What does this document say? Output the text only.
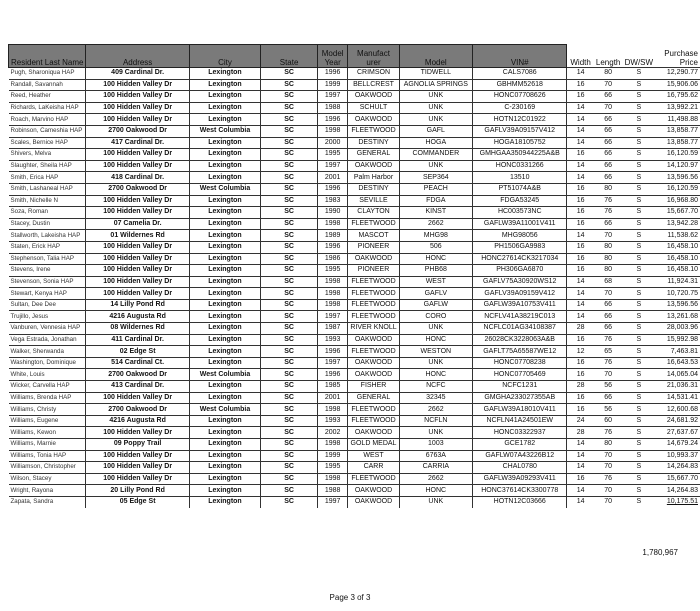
Resident Last Name	Address	City	State	Model Year	Manufact urer	Model	VIN#	Width	Length	DW/SW	Purchase Price
Pugh, Sharoniqua HAP	409 Cardinal Dr.	Lexington	SC	1996	CRIMSON	TIDWELL	CALS7086	14	80	S	12,290.77
Randall, Savannah	100 Hidden Valley Dr	Lexington	SC	1999	BELLCREST	AGNOLIA SPRINGS	GBHMM52618	16	70	S	15,906.06
Reed, Heather	100 Hidden Valley Dr	Lexington	SC	1997	OAKWOOD	UNK	HONC07708626	16	66	S	16,795.62
Richards, LaKeisha HAP	100 Hidden Valley Dr	Lexington	SC	1988	SCHULT	UNK	C-230169	14	70	S	13,992.21
Roach, Marvino HAP	100 Hidden Valley Dr	Lexington	SC	1996	OAKWOOD	UNK	HOTN12C01922	14	66	S	11,498.88
Robinson, Cameshia HAP	2700 Oakwood Dr	West Columbia	SC	1998	FLEETWOOD	GAFL	GAFLV39A09157V412	14	66	S	13,858.77
Scales, Bernice HAP	417 Cardinal Dr.	Lexington	SC	2000	DESTINY	HOGA	HOGA18105752	14	66	S	13,858.77
Shivers, Melva	100 Hidden Valley Dr	Lexington	SC	1995	GENERAL	COMMANDER	GMHGAA350944225A&B	16	66	S	16,120.59
Slaughter, Sheila HAP	100 Hidden Valley Dr	Lexington	SC	1997	OAKWOOD	UNK	HONC0331266	14	66	S	14,120.97
Smith, Erica HAP	418 Cardinal Dr.	Lexington	SC	2001	Palm Harbor	SEP364	13510	14	66	S	13,596.56
Smith, Lashaneal HAP	2700 Oakwood Dr	West Columbia	SC	1996	DESTINY	PEACH	PT51074A&B	16	80	S	16,120.59
Smith, Nichelle N	100 Hidden Valley Dr	Lexington	SC	1983	SEVILLE	FDGA	FDGA53245	16	76	S	16,968.80
Soza, Roman	100 Hidden Valley Dr	Lexington	SC	1990	CLAYTON	KINST	HC003573NC	16	76	S	15,667.70
Stacey, Dustin	07 Camelia Dr.	Lexington	SC	1998	FLEETWOOD	2662	GAFLW39A11001V411	16	66	S	13,942.28
Stallworth, Lakeisha HAP	01 Wildernes Rd	Lexington	SC	1989	MASCOT	MHG98	MHG98056	14	70	S	11,538.62
Staten, Erick HAP	100 Hidden Valley Dr	Lexington	SC	1996	PIONEER	506	PH1506GA9983	16	80	S	16,458.10
Stephenson, Talia HAP	100 Hidden Valley Dr	Lexington	SC	1986	OAKWOOD	HONC	HONC27614CK3217034	16	80	S	16,458.10
Stevens, Irene	100 Hidden Valley Dr	Lexington	SC	1995	PIONEER	PHB68	PH306GA6870	16	80	S	16,458.10
Stevenson, Sonia HAP	100 Hidden Valley Dr	Lexington	SC	1998	FLEETWOOD	WEST	GAFLV75A30920WS12	14	68	S	11,924.31
Stewart, Kenya HAP	100 Hidden Valley Dr	Lexington	SC	1998	FLEETWOOD	GAFLV	GAFLV39A09159V412	14	70	S	10,720.75
Sultan, Dee Dee	14 Lilly Pond Rd	Lexington	SC	1998	FLEETWOOD	GAFLW	GAFLW39A10753V411	14	66	S	13,596.56
Trujillo, Jesus	4216 Augusta Rd	Lexington	SC	1997	FLEETWOOD	CORO	NCFLV41A38219C013	14	66	S	13,261.68
Vanburen, Vennesia HAP	08 Wildernes Rd	Lexington	SC	1987	RIVER KNOLL	UNK	NCFLC01AG34108387	28	66	S	28,003.96
Vega Estrada, Jonathan	411 Cardinal Dr.	Lexington	SC	1993	OAKWOOD	HONC	26028CK3228063A&B	16	76	S	15,992.98
Walker, Sherwanda	02 Edge St	Lexington	SC	1996	FLEETWOOD	WESTON	GAFLT75A65587WE12	12	65	S	7,463.81
Washington, Dominique	514 Cardinal Ct.	Lexington	SC	1997	OAKWOOD	UNK	HONC07708238	16	76	S	16,643.53
White, Louis	2700 Oakwood Dr	West Columbia	SC	1996	OAKWOOD	HONC	HONC07705469	16	70	S	14,065.04
Wicker, Carvella HAP	413 Cardinal Dr.	Lexington	SC	1985	FISHER	NCFC	NCFC1231	28	56	S	21,036.31
Williams, Brenda HAP	100 Hidden Valley Dr	Lexington	SC	2001	GENERAL	32345	GMGHA233027355AB	16	66	S	14,531.41
Williams, Christy	2700 Oakwood Dr	West Columbia	SC	1998	FLEETWOOD	2662	GAFLW39A18010V411	16	56	S	12,600.68
Williams, Eugene	4216 Augusta Rd	Lexington	SC	1993	FLEETWOOD	NCFLN	NCFLN41A24501EW	24	60	S	24,681.92
Williams, Kewon	100 Hidden Valley Dr	Lexington	SC	2002	OAKWOOD	UNK	HONC03322937	28	76	S	27,637.67
Williams, Marnie	09 Poppy Trail	Lexington	SC	1998	GOLD MEDAL	1003	GCE1782	14	80	S	14,679.24
Williams, Tonia HAP	100 Hidden Valley Dr	Lexington	SC	1999	WEST	6763A	GAFLW07A43226B12	14	70	S	10,993.37
Williamson, Christopher	100 Hidden Valley Dr	Lexington	SC	1995	CARR	CARRIA	CHAL0780	14	70	S	14,264.83
Wilson, Stacey	100 Hidden Valley Dr	Lexington	SC	1998	FLEETWOOD	2662	GAFLW39A09293V411	16	76	S	15,667.70
Wright, Rayona	20 Lilly Pond Rd	Lexington	SC	1988	OAKWOOD	HONC	HONC37614CK3300778	14	70	S	14,264.83
Zapata, Sandra	05 Edge St	Lexington	SC	1997	OAKWOOD	UNK	HOTN12C03666	14	70	S	10,175.51
1,780,967
Page 3 of 3
